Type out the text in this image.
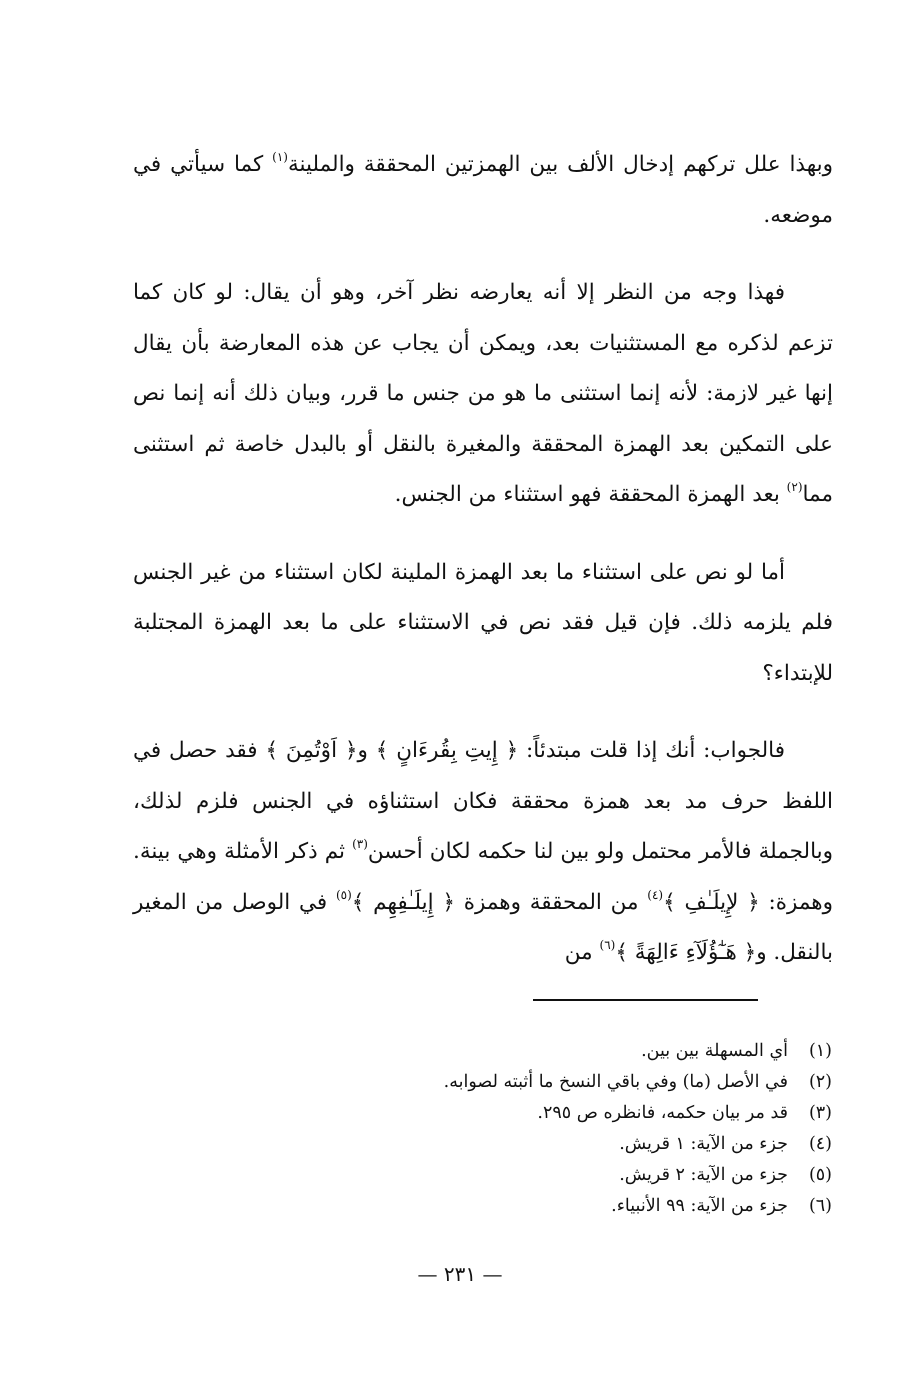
وبهذا علل تركهم إدخال الألف بين الهمزتين المحققة والملينة$^{(١)}$ كما سيأتي في موضعه.

فهذا وجه من النظر إلا أنه يعارضه نظر آخر، وهو أن يقال: لو كان كما تزعم لذكره مع المستثنيات بعد، ويمكن أن يجاب عن هذه المعارضة بأن يقال إنها غير لازمة: لأنه إنما استثنى ما هو من جنس ما قرر، وبيان ذلك أنه إنما نص على التمكين بعد الهمزة المحققة والمغيرة بالنقل أو بالبدل خاصة ثم استثنى مما$^{(٢)}$ بعد الهمزة المحققة فهو استثناء من الجنس.

أما لو نص على استثناء ما بعد الهمزة الملينة لكان استثناء من غير الجنس فلم يلزمه ذلك. فإن قيل فقد نص في الاستثناء على ما بعد الهمزة المجتلبة للإبتداء؟

فالجواب: أنك إذا قلت مبتدئاً: ﴿ إِيتِ بِقُرءَانٍ ﴾ و﴿ اَوْتُمِنَ ﴾ فقد حصل في اللفظ حرف مد بعد همزة محققة فكان استثناؤه في الجنس فلزم لذلك، وبالجملة فالأمر محتمل ولو بين لنا حكمه لكان أحسن$^{(٣)}$ ثم ذكر الأمثلة وهي بينة. وهمزة: ﴿ لإِيلَـٰفِ ﴾$^{(٤)}$ من المحققة وهمزة ﴿ إِيلَـٰفِهِم ﴾$^{(٥)}$ في الوصل من المغير بالنقل. و﴿ هَـٰٓؤُلَآءِ ءَالِهَةً ﴾$^{(٦)}$ من

(١)أي المسهلة بين بين.
(٢)في الأصل (ما) وفي باقي النسخ ما أثبته لصوابه.
(٣)قد مر بيان حكمه، فانظره ص ٢٩٥.
(٤)جزء من الآية: ١ قريش.
(٥)جزء من الآية: ٢ قريش.
(٦)جزء من الآية: ٩٩ الأنبياء.
— ٢٣١ —
